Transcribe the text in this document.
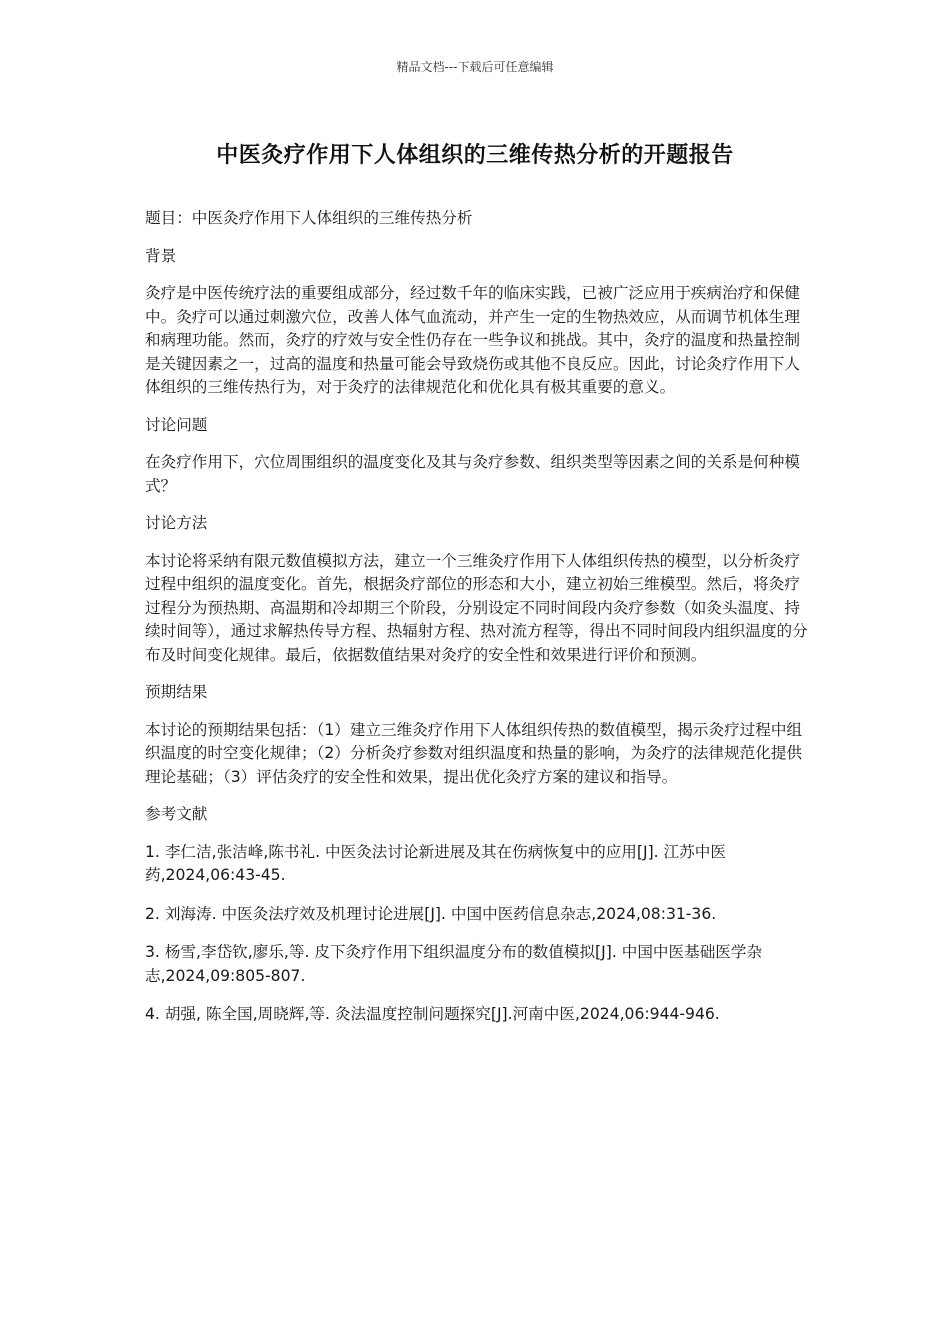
精品文档---下载后可任意编辑
中医灸疗作用下人体组织的三维传热分析的开题报告

题目：中医灸疗作用下人体组织的三维传热分析

背景

灸疗是中医传统疗法的重要组成部分，经过数千年的临床实践，已被广泛应用于疾病治疗和保健中。灸疗可以通过刺激穴位，改善人体气血流动，并产生一定的生物热效应，从而调节机体生理和病理功能。然而，灸疗的疗效与安全性仍存在一些争议和挑战。其中，灸疗的温度和热量控制是关键因素之一，过高的温度和热量可能会导致烧伤或其他不良反应。因此，讨论灸疗作用下人体组织的三维传热行为，对于灸疗的法律规范化和优化具有极其重要的意义。

讨论问题

在灸疗作用下，穴位周围组织的温度变化及其与灸疗参数、组织类型等因素之间的关系是何种模式？

讨论方法

本讨论将采纳有限元数值模拟方法，建立一个三维灸疗作用下人体组织传热的模型，以分析灸疗过程中组织的温度变化。首先，根据灸疗部位的形态和大小，建立初始三维模型。然后，将灸疗过程分为预热期、高温期和冷却期三个阶段，分别设定不同时间段内灸疗参数（如灸头温度、持续时间等），通过求解热传导方程、热辐射方程、热对流方程等，得出不同时间段内组织温度的分布及时间变化规律。最后，依据数值结果对灸疗的安全性和效果进行评价和预测。

预期结果

本讨论的预期结果包括：（1）建立三维灸疗作用下人体组织传热的数值模型，揭示灸疗过程中组织温度的时空变化规律；（2）分析灸疗参数对组织温度和热量的影响，为灸疗的法律规范化提供理论基础；（3）评估灸疗的安全性和效果，提出优化灸疗方案的建议和指导。

参考文献

1. 李仁洁,张洁峰,陈书礼. 中医灸法讨论新进展及其在伤病恢复中的应用[J]. 江苏中医药,2024,06:43-45.

2. 刘海涛. 中医灸法疗效及机理讨论进展[J]. 中国中医药信息杂志,2024,08:31-36.

3. 杨雪,李岱钦,廖乐,等. 皮下灸疗作用下组织温度分布的数值模拟[J]. 中国中医基础医学杂志,2024,09:805-807.

4. 胡强, 陈全国,周晓辉,等. 灸法温度控制问题探究[J].河南中医,2024,06:944-946.
